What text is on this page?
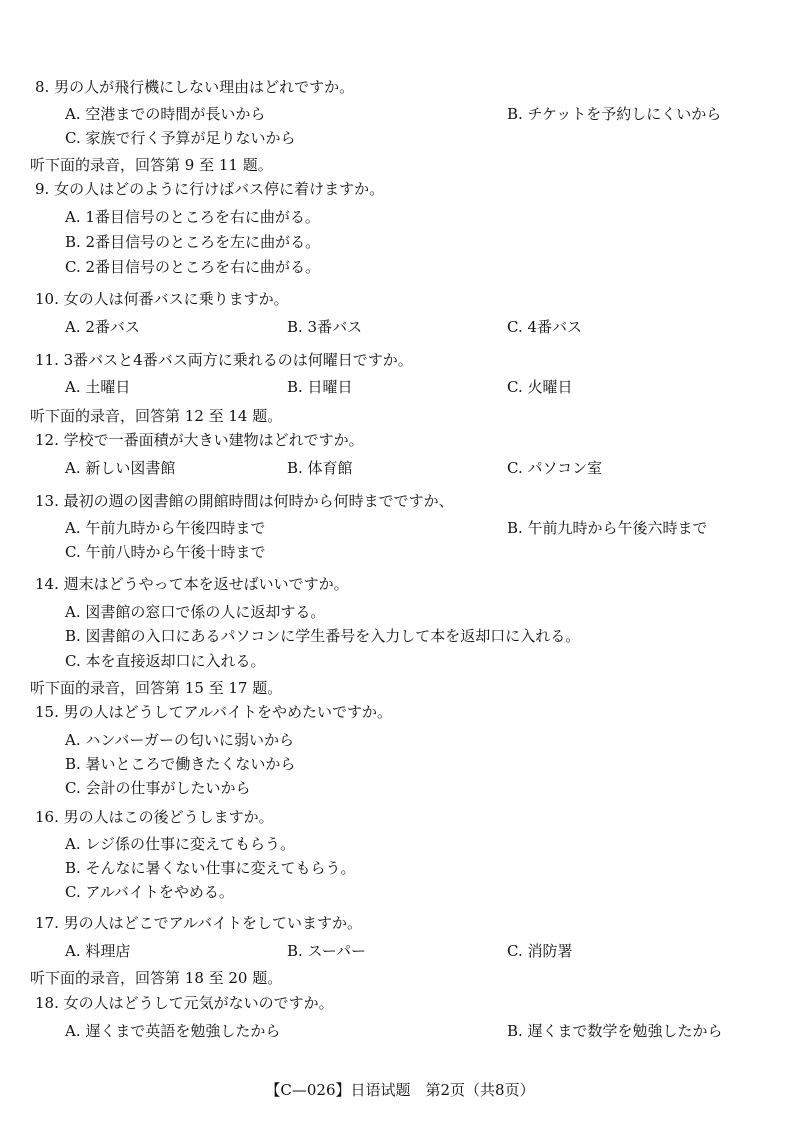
8. 男の人が飛行機にしない理由はどれですか。
A. 空港までの時間が長いから	B. チケットを予約しにくいから
C. 家族で行く予算が足りないから
听下面的录音，回答第 9 至 11 题。
9. 女の人はどのように行けばバス停に着けますか。
A. 1番目信号のところを右に曲がる。
B. 2番目信号のところを左に曲がる。
C. 2番目信号のところを右に曲がる。
10. 女の人は何番バスに乗りますか。
A. 2番バス	B. 3番バス	C. 4番バス
11. 3番バスと4番バス両方に乗れるのは何曜日ですか。
A. 土曜日	B. 日曜日	C. 火曜日
听下面的录音，回答第 12 至 14 题。
12. 学校で一番面積が大きい建物はどれですか。
A. 新しい図書館	B. 体育館	C. パソコン室
13. 最初の週の図書館の開館時間は何時から何時までですか、
A. 午前九時から午後四時まで	B. 午前九時から午後六時まで
C. 午前八時から午後十時まで
14. 週末はどうやって本を返せばいいですか。
A. 図書館の窓口で係の人に返却する。
B. 図書館の入口にあるパソコンに学生番号を入力して本を返却口に入れる。
C. 本を直接返却口に入れる。
听下面的录音，回答第 15 至 17 题。
15. 男の人はどうしてアルバイトをやめたいですか。
A. ハンバーガーの匂いに弱いから
B. 暑いところで働きたくないから
C. 会計の仕事がしたいから
16. 男の人はこの後どうしますか。
A. レジ係の仕事に変えてもらう。
B. そんなに暑くない仕事に変えてもらう。
C. アルバイトをやめる。
17. 男の人はどこでアルバイトをしていますか。
A. 料理店	B. スーパー	C. 消防署
听下面的录音，回答第 18 至 20 题。
18. 女の人はどうして元気がないのですか。
A. 遅くまで英語を勉強したから	B. 遅くまで数学を勉強したから
【C—026】日语试题　第2页（共8页）
